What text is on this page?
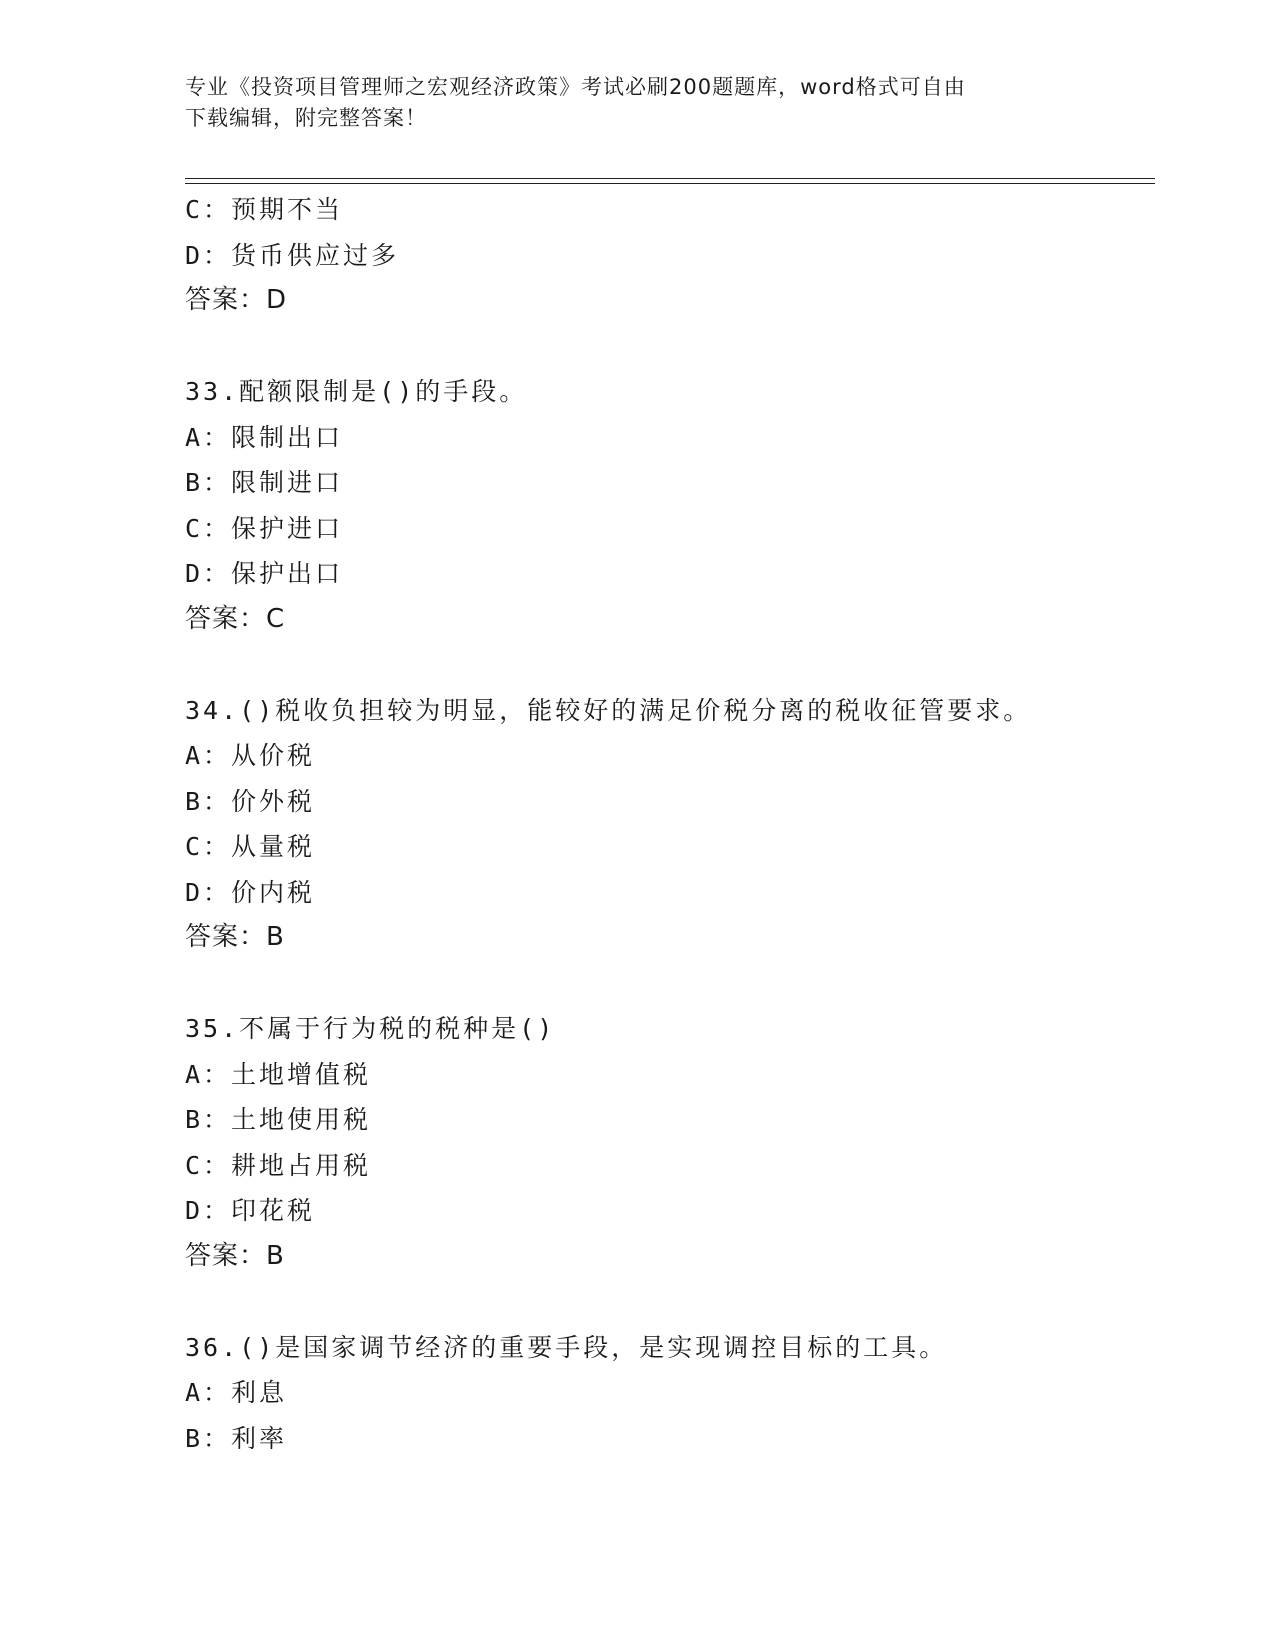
专业《投资项目管理师之宏观经济政策》考试必刷200题题库，word格式可自由
下载编辑，附完整答案！
C：预期不当
D：货币供应过多
答案：D
33.配额限制是()的手段。
A：限制出口
B：限制进口
C：保护进口
D：保护出口
答案：C
34.()税收负担较为明显，能较好的满足价税分离的税收征管要求。
A：从价税
B：价外税
C：从量税
D：价内税
答案：B
35.不属于行为税的税种是()
A：土地增值税
B：土地使用税
C：耕地占用税
D：印花税
答案：B
36.()是国家调节经济的重要手段，是实现调控目标的工具。
A：利息
B：利率
